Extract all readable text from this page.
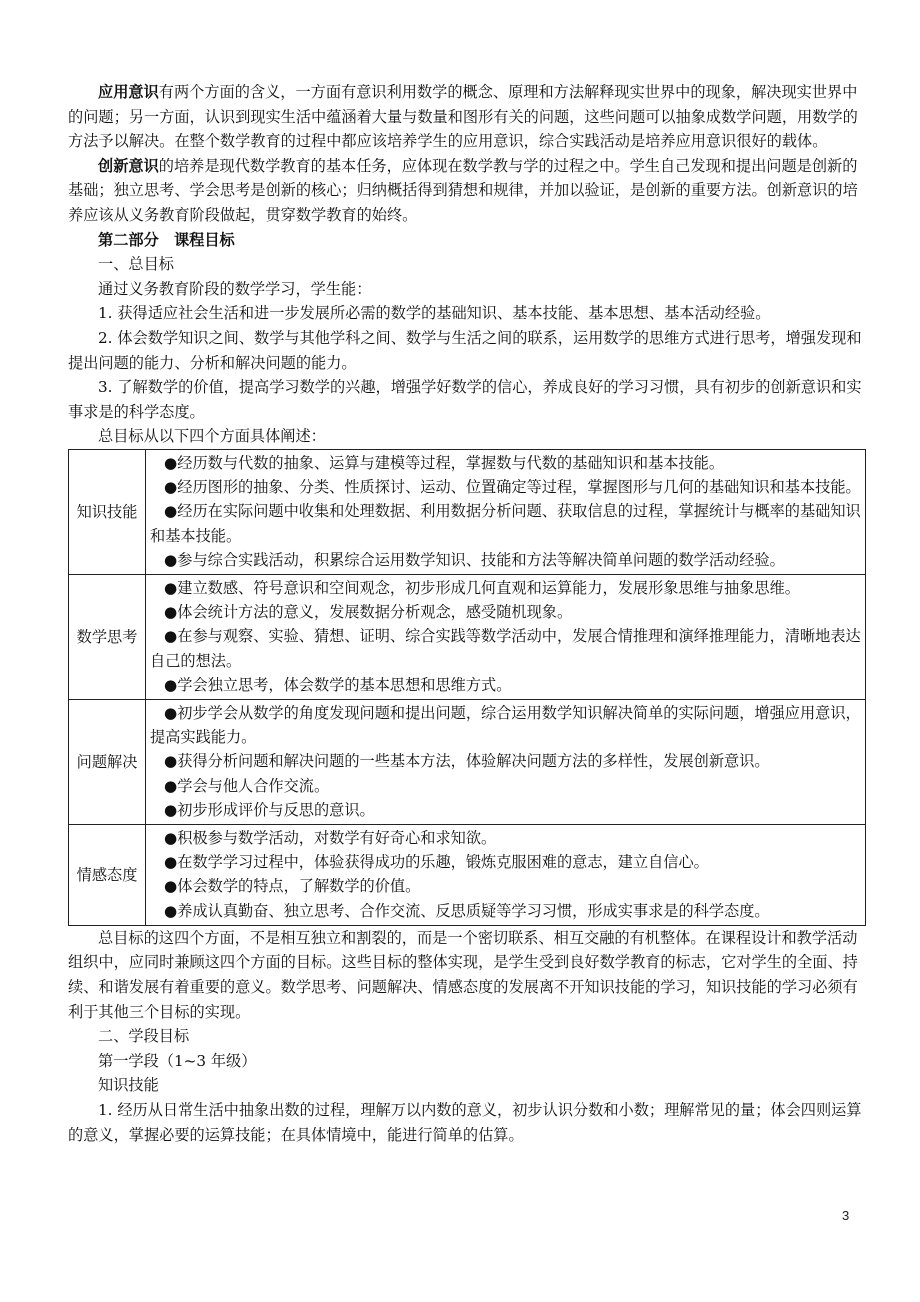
应用意识有两个方面的含义，一方面有意识利用数学的概念、原理和方法解释现实世界中的现象，解决现实世界中的问题；另一方面，认识到现实生活中蕴涵着大量与数量和图形有关的问题，这些问题可以抽象成数学问题，用数学的方法予以解决。在整个数学教育的过程中都应该培养学生的应用意识，综合实践活动是培养应用意识很好的载体。

创新意识的培养是现代数学教育的基本任务，应体现在数学教与学的过程之中。学生自己发现和提出问题是创新的基础；独立思考、学会思考是创新的核心；归纳概括得到猜想和规律，并加以验证，是创新的重要方法。创新意识的培养应该从义务教育阶段做起，贯穿数学教育的始终。

第二部分　课程目标

一、总目标

通过义务教育阶段的数学学习，学生能：

1. 获得适应社会生活和进一步发展所必需的数学的基础知识、基本技能、基本思想、基本活动经验。

2. 体会数学知识之间、数学与其他学科之间、数学与生活之间的联系，运用数学的思维方式进行思考，增强发现和提出问题的能力、分析和解决问题的能力。

3. 了解数学的价值，提高学习数学的兴趣，增强学好数学的信心，养成良好的学习习惯，具有初步的创新意识和实事求是的科学态度。

总目标从以下四个方面具体阐述：

知识技能	●经历数与代数的抽象、运算与建模等过程，掌握数与代数的基础知识和基本技能。

●经历图形的抽象、分类、性质探讨、运动、位置确定等过程，掌握图形与几何的基础知识和基本技能。

●经历在实际问题中收集和处理数据、利用数据分析问题、获取信息的过程，掌握统计与概率的基础知识和基本技能。

●参与综合实践活动，积累综合运用数学知识、技能和方法等解决简单问题的数学活动经验。

数学思考	●建立数感、符号意识和空间观念，初步形成几何直观和运算能力，发展形象思维与抽象思维。

●体会统计方法的意义，发展数据分析观念，感受随机现象。

●在参与观察、实验、猜想、证明、综合实践等数学活动中，发展合情推理和演绎推理能力，清晰地表达自己的想法。

●学会独立思考，体会数学的基本思想和思维方式。

问题解决	●初步学会从数学的角度发现问题和提出问题，综合运用数学知识解决简单的实际问题，增强应用意识，提高实践能力。

●获得分析问题和解决问题的一些基本方法，体验解决问题方法的多样性，发展创新意识。

●学会与他人合作交流。

●初步形成评价与反思的意识。

情感态度	●积极参与数学活动，对数学有好奇心和求知欲。

●在数学学习过程中，体验获得成功的乐趣，锻炼克服困难的意志，建立自信心。

●体会数学的特点，了解数学的价值。

●养成认真勤奋、独立思考、合作交流、反思质疑等学习习惯，形成实事求是的科学态度。

总目标的这四个方面，不是相互独立和割裂的，而是一个密切联系、相互交融的有机整体。在课程设计和教学活动组织中，应同时兼顾这四个方面的目标。这些目标的整体实现，是学生受到良好数学教育的标志，它对学生的全面、持续、和谐发展有着重要的意义。数学思考、问题解决、情感态度的发展离不开知识技能的学习，知识技能的学习必须有利于其他三个目标的实现。

二、学段目标

第一学段（1~3 年级）

知识技能

1. 经历从日常生活中抽象出数的过程，理解万以内数的意义，初步认识分数和小数；理解常见的量；体会四则运算的意义，掌握必要的运算技能；在具体情境中，能进行简单的估算。

3
